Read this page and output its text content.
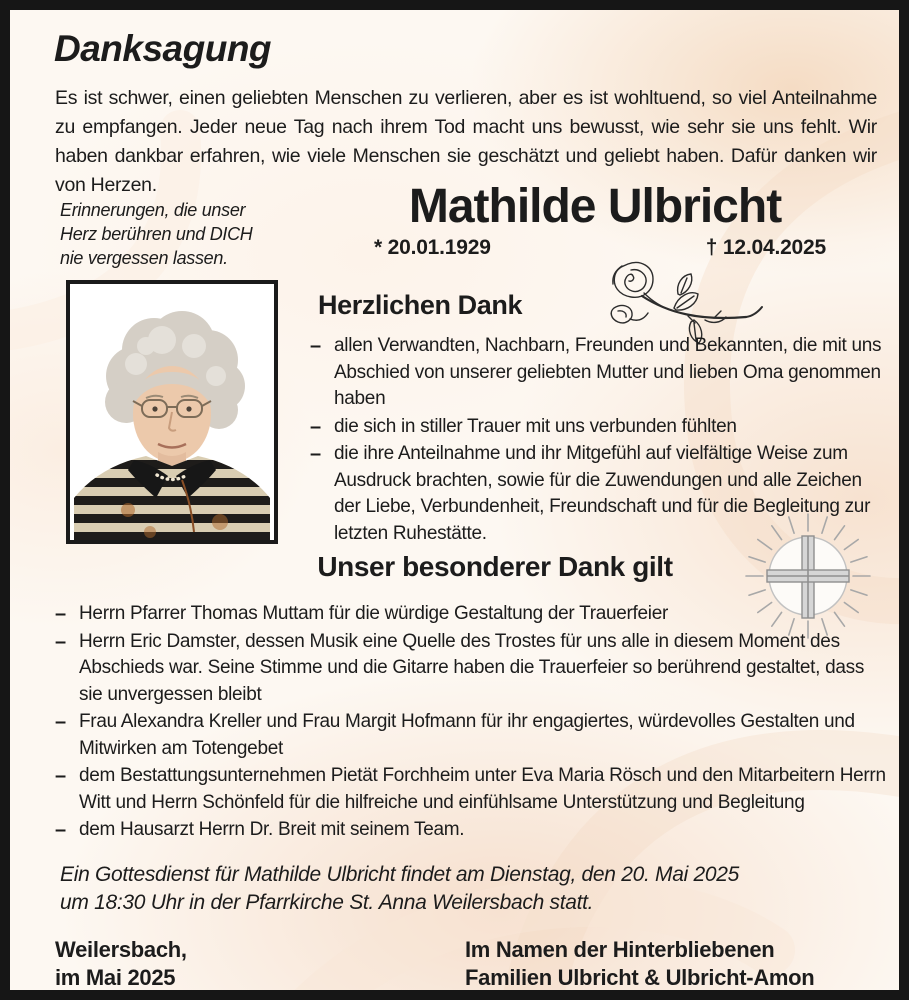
Danksagung

Es ist schwer, einen geliebten Menschen zu verlieren, aber es ist wohltuend, so viel Anteilnahme zu empfangen. Jeder neue Tag nach ihrem Tod macht uns bewusst, wie sehr sie uns fehlt. Wir haben dankbar erfahren, wie viele Menschen sie geschätzt und geliebt haben. Dafür danken wir von Herzen.

Erinnerungen, die unser
Herz berühren und DICH
nie vergessen lassen.
Mathilde Ulbricht
* 20.01.1929	† 12.04.2025
Herzlichen Dank
– allen Verwandten, Nachbarn, Freunden und Bekannten, die mit uns Abschied von unserer geliebten Mutter und lieben Oma genommen haben
– die sich in stiller Trauer mit uns verbunden fühlten
– die ihre Anteilnahme und ihr Mitgefühl auf vielfältige Weise zum Ausdruck brachten, sowie für die Zuwendungen und alle Zeichen der Liebe, Verbundenheit, Freundschaft und für die Begleitung zur letzten Ruhestätte.
Unser besonderer Dank gilt
– Herrn Pfarrer Thomas Muttam für die würdige Gestaltung der Trauerfeier
– Herrn Eric Damster, dessen Musik eine Quelle des Trostes für uns alle in diesem Moment des Abschieds war. Seine Stimme und die Gitarre haben die Trauerfeier so berührend gestaltet, dass sie unvergessen bleibt
– Frau Alexandra Kreller und Frau Margit Hofmann für ihr engagiertes, würdevolles Gestalten und Mitwirken am Totengebet
– dem Bestattungsunternehmen Pietät Forchheim unter Eva Maria Rösch und den Mitarbeitern Herrn Witt und Herrn Schönfeld für die hilfreiche und einfühlsame Unterstützung und Begleitung
– dem Hausarzt Herrn Dr. Breit mit seinem Team.
Ein Gottesdienst für Mathilde Ulbricht findet am Dienstag, den 20. Mai 2025
um 18:30 Uhr in der Pfarrkirche St. Anna Weilersbach statt.
Weilersbach,
im Mai 2025
Im Namen der Hinterbliebenen
Familien Ulbricht & Ulbricht-Amon
